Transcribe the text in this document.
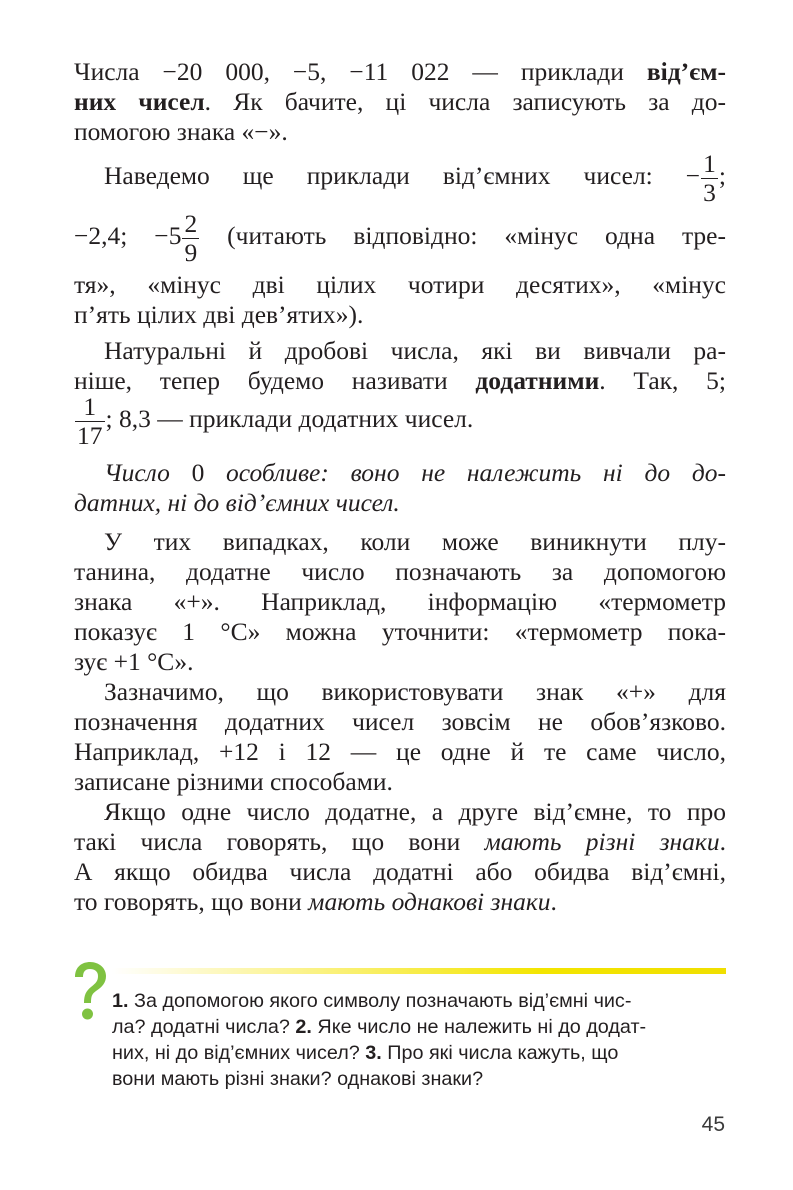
Числа −20 000, −5, −11 022 — приклади від’єм-
них чисел. Як бачите, ці числа записують за до-
помогою знака «−».
Наведемо ще приклади від’ємних чисел: − $\frac{1}{3}$ ;
−2,4; $-5 \frac{2}{9}$ (читають відповідно: «мінус одна тре-
тя», «мінус дві цілих чотири десятих», «мінус
п’ять цілих дві дев’ятих»).
Натуральні й дробові числа, які ви вивчали ра-
ніше, тепер будемо називати додатними. Так, 5;
$\frac{1}{17}$ ; 8,3 — приклади додатних чисел.
Число 0 особливе: воно не належить ні до до-
датних, ні до від’ємних чисел.
У тих випадках, коли може виникнути плу-
танина, додатне число позначають за допомогою
знака «+». Наприклад, інформацію «термометр
показує 1 °C» можна уточнити: «термометр пока-
зує +1 °C».
Зазначимо, що використовувати знак «+» для
позначення додатних чисел зовсім не обов’язково.
Наприклад, +12 і 12 — це одне й те саме число,
записане різними способами.
Якщо одне число додатне, а друге від’ємне, то про
такі числа говорять, що вони мають різні знаки.
А якщо обидва числа додатні або обидва від’ємні,
то говорять, що вони мають однакові знаки.
1. За допомогою якого символу позначають від’ємні чис-
ла? додатні числа? 2. Яке число не належить ні до додат-
них, ні до від’ємних чисел? 3. Про які числа кажуть, що
вони мають різні знаки? однакові знаки?
45
